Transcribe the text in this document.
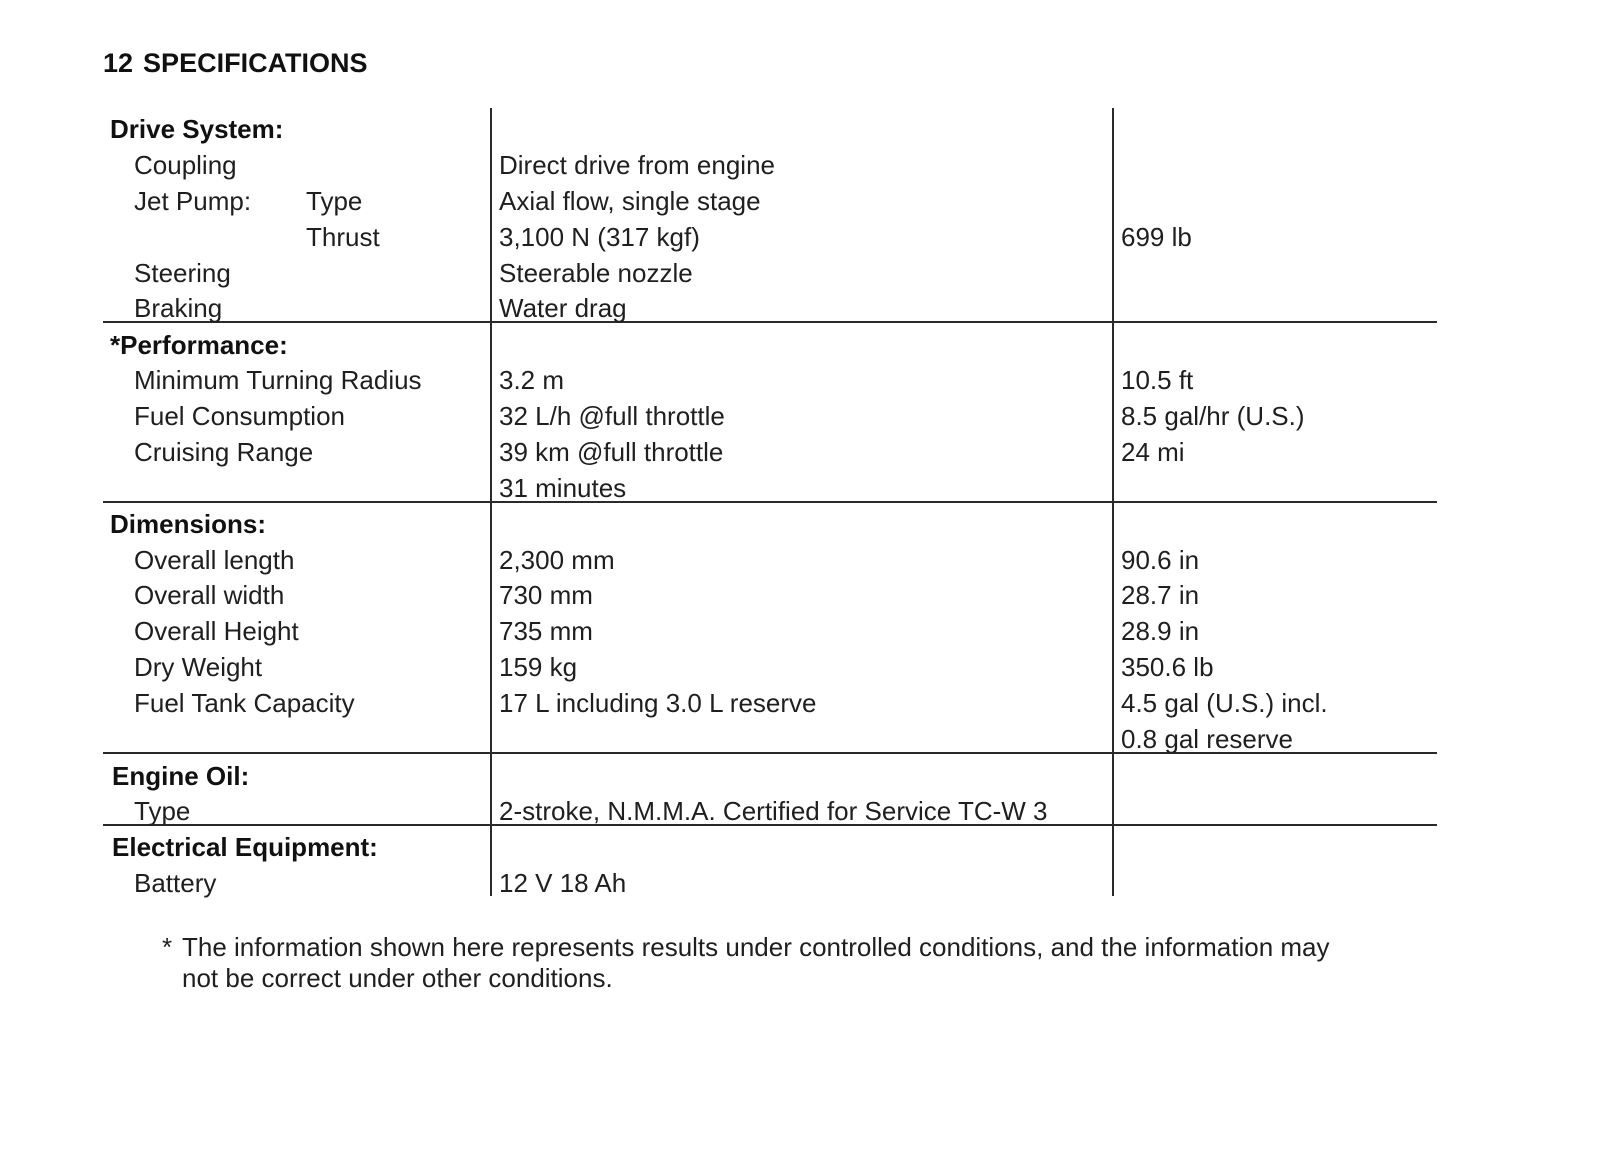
12 SPECIFICATIONS
Drive System:
Coupling	Direct drive from engine
Jet Pump: Type	Axial flow, single stage
Thrust	3,100 N (317 kgf)	699 lb
Steering	Steerable nozzle
Braking	Water drag
*Performance:
Minimum Turning Radius	3.2 m	10.5 ft
Fuel Consumption	32 L/h @full throttle	8.5 gal/hr (U.S.)
Cruising Range	39 km @full throttle	24 mi
31 minutes
Dimensions:
Overall length	2,300 mm	90.6 in
Overall width	730 mm	28.7 in
Overall Height	735 mm	28.9 in
Dry Weight	159 kg	350.6 lb
Fuel Tank Capacity	17 L including 3.0 L reserve	4.5 gal (U.S.) incl.
0.8 gal reserve
Engine Oil:
Type	2-stroke, N.M.M.A. Certified for Service TC-W 3
Electrical Equipment:
Battery	12 V 18 Ah
* The information shown here represents results under controlled conditions, and the information may
not be correct under other conditions.
